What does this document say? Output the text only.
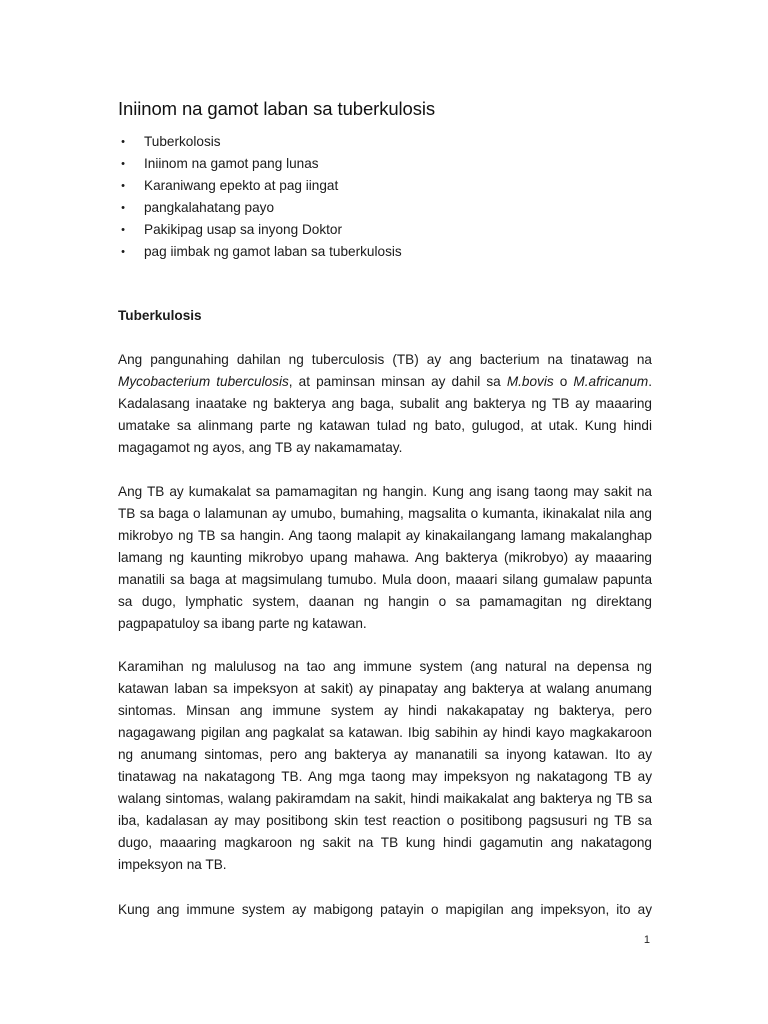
Iniinom na gamot laban sa tuberkulosis
• Tuberkolosis
• Iniinom na gamot pang lunas
• Karaniwang epekto at pag iingat
• pangkalahatang payo
• Pakikipag usap sa inyong Doktor
• pag iimbak ng gamot laban sa tuberkulosis
Tuberkulosis

Ang pangunahing dahilan ng tuberculosis (TB) ay ang bacterium na tinatawag na Mycobacterium tuberculosis, at paminsan minsan ay dahil sa M.bovis o M.africanum. Kadalasang inaatake ng bakterya ang baga, subalit ang bakterya ng TB ay maaaring umatake sa alinmang parte ng katawan tulad ng bato, gulugod, at utak. Kung hindi magagamot ng ayos, ang TB ay nakamamatay.

Ang TB ay kumakalat sa pamamagitan ng hangin. Kung ang isang taong may sakit na TB sa baga o lalamunan ay umubo, bumahing, magsalita o kumanta, ikinakalat nila ang mikrobyo ng TB sa hangin. Ang taong malapit ay kinakailangang lamang makalanghap lamang ng kaunting mikrobyo upang mahawa. Ang bakterya (mikrobyo) ay maaaring manatili sa baga at magsimulang tumubo. Mula doon, maaari silang gumalaw papunta sa dugo, lymphatic system, daanan ng hangin o sa pamamagitan ng direktang pagpapatuloy sa ibang parte ng katawan.

Karamihan ng malulusog na tao ang immune system (ang natural na depensa ng katawan laban sa impeksyon at sakit) ay pinapatay ang bakterya at walang anumang sintomas. Minsan ang immune system ay hindi nakakapatay ng bakterya, pero nagagawang pigilan ang pagkalat sa katawan. Ibig sabihin ay hindi kayo magkakaroon ng anumang sintomas, pero ang bakterya ay mananatili sa inyong katawan. Ito ay tinatawag na nakatagong TB. Ang mga taong may impeksyon ng nakatagong TB ay walang sintomas, walang pakiramdam na sakit, hindi maikakalat ang bakterya ng TB sa iba, kadalasan ay may positibong skin test reaction o positibong pagsusuri ng TB sa dugo, maaaring magkaroon ng sakit na TB kung hindi gagamutin ang nakatagong impeksyon na TB.

Kung ang immune system ay mabigong patayin o mapigilan ang impeksyon, ito ay

1
